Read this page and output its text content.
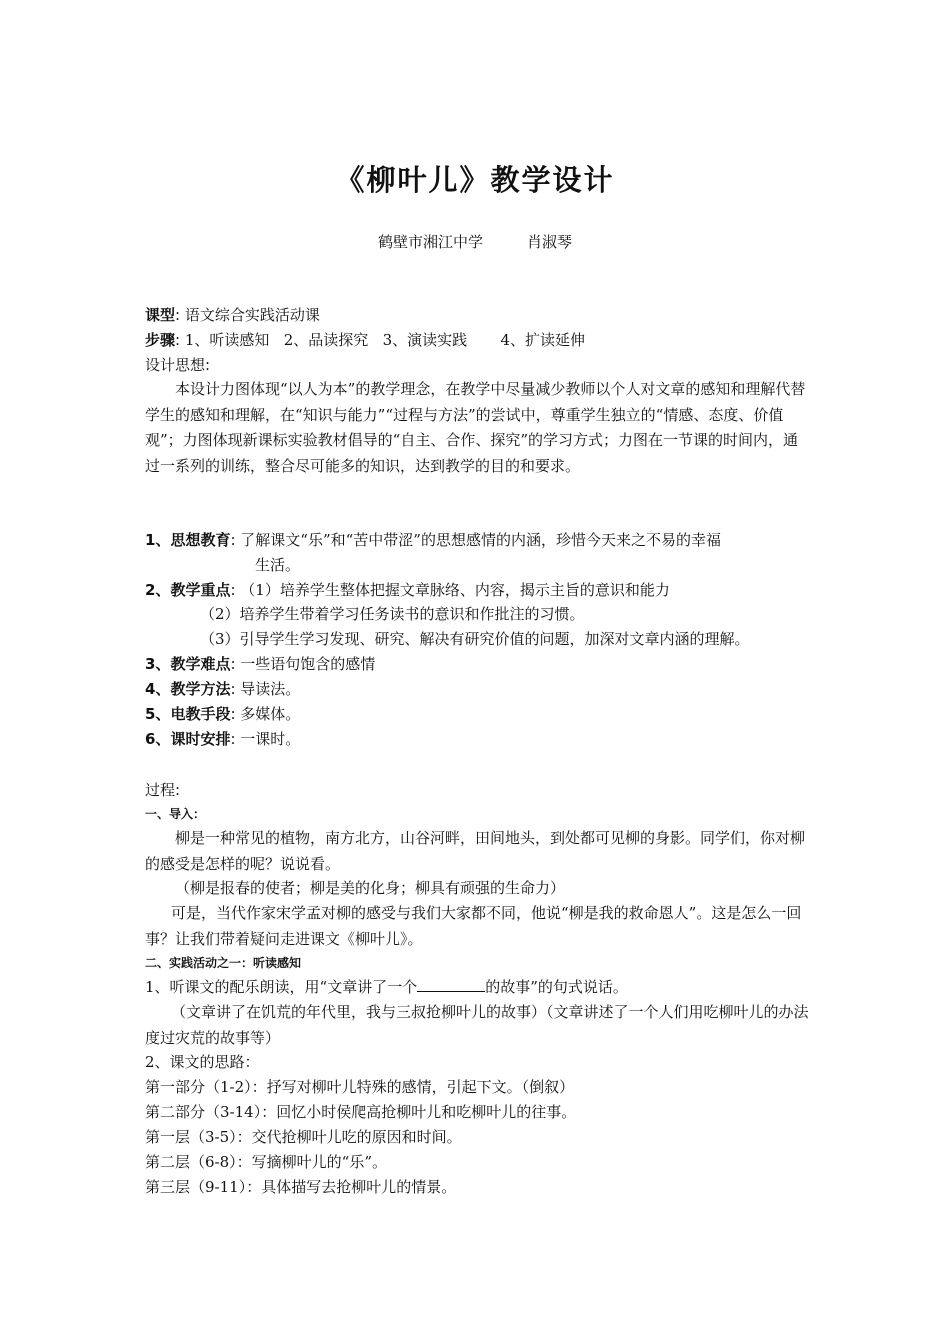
《柳叶儿》教学设计
鹤壁市湘江中学	肖淑琴
课型: 语文综合实践活动课
步骤: 1、听读感知 2、品读探究 3、演读实践 4、扩读延伸
设计思想:
本设计力图体现“以人为本”的教学理念，在教学中尽量减少教师以个人对文章的感知和理解代替学生的感知和理解，在“知识与能力”“过程与方法”的尝试中，尊重学生独立的“情感、态度、价值观”；力图体现新课标实验教材倡导的“自主、合作、探究”的学习方式；力图在一节课的时间内，通过一系列的训练，整合尽可能多的知识，达到教学的目的和要求。
1、思想教育: 了解课文“乐”和“苦中带涩”的思想感情的内涵，珍惜今天来之不易的幸福
生活。
2、教学重点: （1）培养学生整体把握文章脉络、内容，揭示主旨的意识和能力
（2）培养学生带着学习任务读书的意识和作批注的习惯。
（3）引导学生学习发现、研究、解决有研究价值的问题，加深对文章内涵的理解。
3、教学难点: 一些语句饱含的感情
4、教学方法: 导读法。
5、电教手段: 多媒体。
6、课时安排: 一课时。
过程:
一、导入：
柳是一种常见的植物，南方北方，山谷河畔，田间地头，到处都可见柳的身影。同学们，你对柳的感受是怎样的呢？说说看。
（柳是报春的使者；柳是美的化身；柳具有顽强的生命力）
可是，当代作家宋学孟对柳的感受与我们大家都不同，他说“柳是我的救命恩人”。这是怎么一回事？让我们带着疑问走进课文《柳叶儿》。
二、实践活动之一：听读感知
1、听课文的配乐朗读，用“文章讲了一个	的故事”的句式说话。
（文章讲了在饥荒的年代里，我与三叔抢柳叶儿的故事）（文章讲述了一个人们用吃柳叶儿的办法度过灾荒的故事等）
2、课文的思路：
第一部分（1-2）：抒写对柳叶儿特殊的感情，引起下文。（倒叙）
第二部分（3-14）：回忆小时侯爬高抢柳叶儿和吃柳叶儿的往事。
第一层（3-5）：交代抢柳叶儿吃的原因和时间。
第二层（6-8）：写摘柳叶儿的“乐”。
第三层（9-11）：具体描写去抢柳叶儿的情景。
